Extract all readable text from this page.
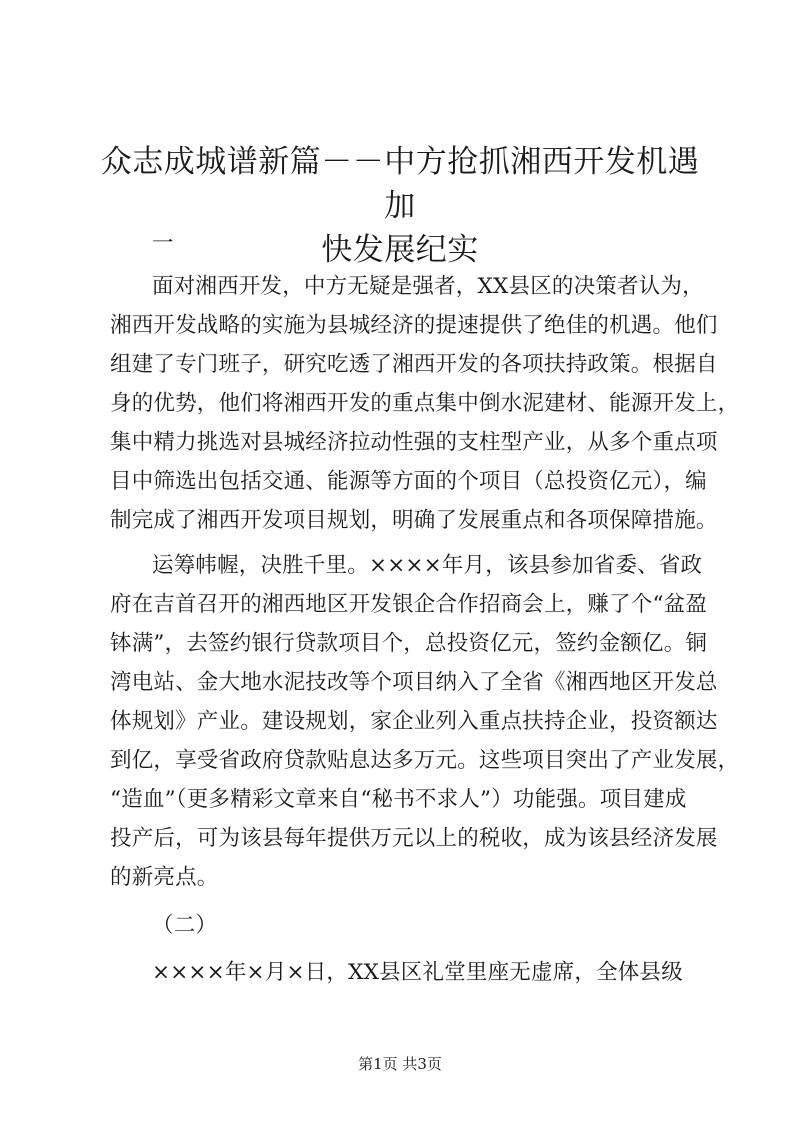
众志成城谱新篇－－中方抢抓湘西开发机遇加
快发展纪实
一
面对湘西开发，中方无疑是强者，XX县区的决策者认为，
湘西开发战略的实施为县城经济的提速提供了绝佳的机遇。他们
组建了专门班子，研究吃透了湘西开发的各项扶持政策。根据自
身的优势，他们将湘西开发的重点集中倒水泥建材、能源开发上，
集中精力挑选对县城经济拉动性强的支柱型产业，从多个重点项
目中筛选出包括交通、能源等方面的个项目（总投资亿元），编
制完成了湘西开发项目规划，明确了发展重点和各项保障措施。
运筹帏幄，决胜千里。××××年月，该县参加省委、省政
府在吉首召开的湘西地区开发银企合作招商会上，赚了个“盆盈
钵满”，去签约银行贷款项目个，总投资亿元，签约金额亿。铜
湾电站、金大地水泥技改等个项目纳入了全省《湘西地区开发总
体规划》产业。建设规划，家企业列入重点扶持企业，投资额达
到亿，享受省政府贷款贴息达多万元。这些项目突出了产业发展，
“造血”（更多精彩文章来自“秘书不求人”）功能强。项目建成
投产后，可为该县每年提供万元以上的税收，成为该县经济发展
的新亮点。
（二）
××××年×月×日，XX县区礼堂里座无虚席，全体县级
第1页 共3页
